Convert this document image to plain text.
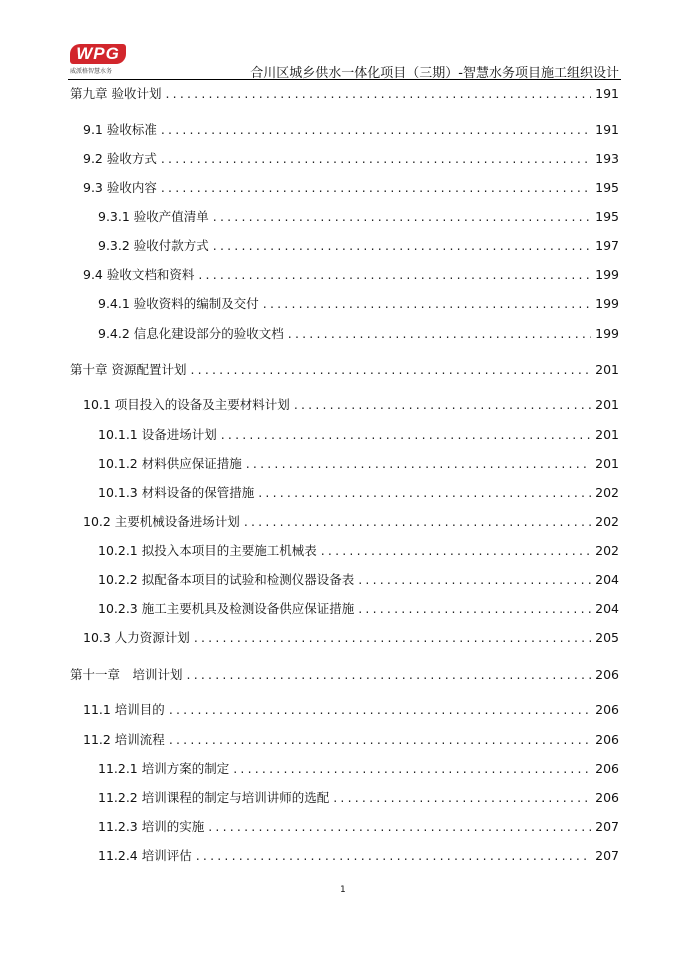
WPG
威派格智慧水务	合川区城乡供水一体化项目（三期）-智慧水务项目施工组织设计
第九章 验收计划 .....	191
9.1 验收标准 .....	191
9.2 验收方式 .....	193
9.3 验收内容 .....	195
9.3.1 验收产值清单 .....	195
9.3.2 验收付款方式 .....	197
9.4 验收文档和资料 .....	199
9.4.1 验收资料的编制及交付 .....	199
9.4.2 信息化建设部分的验收文档 .....	199
第十章 资源配置计划 .....	201
10.1 项目投入的设备及主要材料计划 .....	201
10.1.1 设备进场计划 .....	201
10.1.2 材料供应保证措施 .....	201
10.1.3 材料设备的保管措施 .....	202
10.2 主要机械设备进场计划 .....	202
10.2.1 拟投入本项目的主要施工机械表 .....	202
10.2.2 拟配备本项目的试验和检测仪器设备表 .....	204
10.2.3 施工主要机具及检测设备供应保证措施 .....	204
10.3 人力资源计划 .....	205
第十一章　培训计划 .....	206
11.1 培训目的 .....	206
11.2 培训流程 .....	206
11.2.1 培训方案的制定 .....	206
11.2.2 培训课程的制定与培训讲师的选配 .....	206
11.2.3 培训的实施 .....	207
11.2.4 培训评估 .....	207
1
